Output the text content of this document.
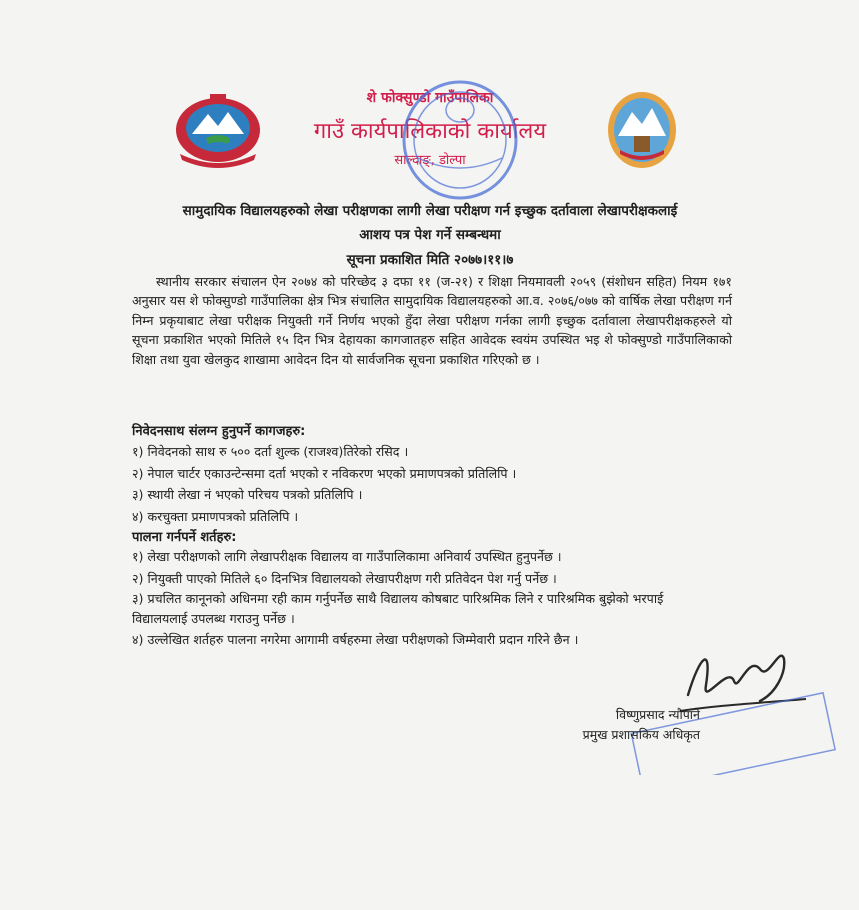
शे फोक्सुण्डो गाउँपालिका
गाउँ कार्यपालिकाको कार्यालय
साल्दाङ्, डोल्पा
सामुदायिक विद्यालयहरुको लेखा परीक्षणका लागी लेखा परीक्षण गर्न इच्छुक दर्तावाला लेखापरीक्षकलाई
आशय पत्र पेश गर्ने सम्बन्धमा
सूचना प्रकाशित मिति २०७७।११।७
स्थानीय सरकार संचालन ऐन २०७४ को परिच्छेद ३ दफा ११ (ज-२१) र शिक्षा नियमावली २०५९ (संशोधन सहित) नियम १७१ अनुसार यस शे फोक्सुण्डो गाउँपालिका क्षेत्र भित्र संचालित सामुदायिक विद्यालयहरुको आ.व. २०७६/०७७ को वार्षिक लेखा परीक्षण गर्न निम्न प्रकृयाबाट लेखा परीक्षक नियुक्ती गर्ने निर्णय भएको हुँदा लेखा परीक्षण गर्नका लागी इच्छुक दर्तावाला लेखापरीक्षकहरुले यो सूचना प्रकाशित भएको मितिले १५ दिन भित्र देहायका कागजातहरु सहित आवेदक स्वयंम उपस्थित भइ शे फोक्सुण्डो गाउँपालिकाको शिक्षा तथा युवा खेलकुद शाखामा आवेदन दिन यो सार्वजनिक सूचना प्रकाशित गरिएको छ ।
निवेदनसाथ संलग्न हुनुपर्ने कागजहरु:
१) निवेदनको साथ रु ५०० दर्ता शुल्क (राजश्व)तिरेको रसिद ।
२) नेपाल चार्टर एकाउन्टेन्समा दर्ता भएको र नविकरण भएको प्रमाणपत्रको प्रतिलिपि ।
३) स्थायी लेखा नं भएको परिचय पत्रको प्रतिलिपि ।
४) करचुक्ता प्रमाणपत्रको प्रतिलिपि ।
पालना गर्नपर्ने शर्तहरु:
१) लेखा परीक्षणको लागि लेखापरीक्षक विद्यालय वा गाउँपालिकामा अनिवार्य उपस्थित हुनुपर्नेछ ।
२) नियुक्ती पाएको मितिले ६० दिनभित्र विद्यालयको लेखापरीक्षण गरी प्रतिवेदन पेश गर्नु पर्नेछ ।
३) प्रचलित कानूनको अधिनमा रही काम गर्नुपर्नेछ साथै विद्यालय कोषबाट पारिश्रमिक लिने र पारिश्रमिक बुझेको भरपाई विद्यालयलाई उपलब्ध गराउनु पर्नेछ ।
४) उल्लेखित शर्तहरु पालना नगरेमा आगामी वर्षहरुमा लेखा परीक्षणको जिम्मेवारी प्रदान गरिने छैन ।
विष्णुप्रसाद न्यौपाने
प्रमुख प्रशासकिय अधिकृत
